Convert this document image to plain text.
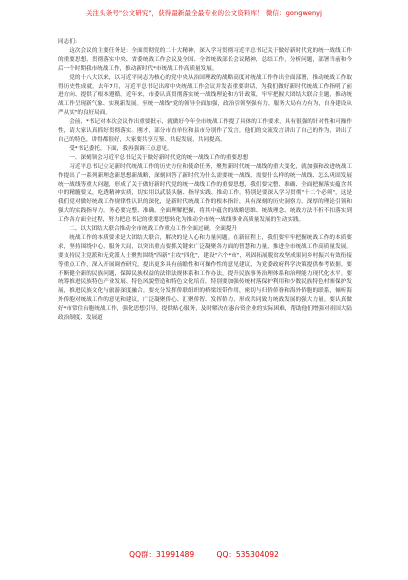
关注头条号"公文研究"，获得最新最全最专业的公文资料库！ 微信：gongwenyj

同志们：

这次会议的主要任务是：全面贯彻党的二十大精神，深入学习贯彻习近平总书记关于做好新时代党的统一战线工作的重要思想，贯彻落实中央、省委统战工作会议及全国、全省统战部长会议精神，总结工作，分析问题，部署当前和今后一个时期我市统战工作，推动新时代*市统战工作高质量发展。

党的十八大以来，以习近平同志为核心的党中央从治国理政的战略高度对统战工作作出全面部署，推动统战工作取得历史性成就。去年7月，习近平总书记出席中央统战工作会议并发表重要讲话，为我们做好新时代统战工作指明了前进方向、提供了根本遵循。近年来，市委认真贯彻落实统一战线理论和方针政策，牢牢把握大团结大联合主题，推动统战工作呈现新气象、实现新发展。至统一战线"党的领导全面加强，政治引领坚强有力，服务大局有力有为，自身建设从严从实"的良好局面。

会前，*书记对本次会议作出重要批示，就做好今年全市统战工作提了具体的工作要求，具有很强的针对性和可操作性，请大家认真抓好贯彻落实。刚才，部分市直单位和县市分别作了发言，他们的交流发言讲出了自己的作为，讲出了自己的特色，讲得都很好，大家要共享互鉴、共促发展，共同提高。

受*书记委托，下面，我再强调三点意见。

一、深刻领会习近平总书记关于做好新时代党的统一战线工作的重要思想

习近平总书记立足新时代统战工作的历史方位和使命任务，聚焦新时代统一战线的重大变化，就加强和改进统战工作提出了一系列新理念新思想新战略，深刻回答了新时代为什么需要统一战线、需要什么样的统一战线、怎么巩固发展统一战线等重大问题，形成了关于做好新时代党的统一战线工作的重要思想，我们要完整、准确、全面把握落实蕴含其中的精髓要义，吃透精神实质，切实用以武装头脑、指导实践、推动工作。特别是要深入学习贯彻"十二个必须"，这是我们党对做好统战工作规律性认识的深化，是新时代统战工作的根本指针，具有深刻的历史洞察力、深厚的理论引领和强大的实践指导力。务必要完整、准确、全面理解把握，将其中蕴含的战略思维、统战理念、统战方法不折不扣落实到工作各方面全过程，努力把总书记的重要思想转化为推动全市统一战线事业高质量发展的生动实践。

二、以大团结大联合推动全市统战工作重点工作全面过硬，全面提升

统战工作的本质要求是大团结大联合，解决的是人心和力量问题。在新征程上，我们要牢牢把握统战工作的本质要求，坚持围绕中心、服务大局，以突出重点要抓关键来广泛凝聚各方面的智慧和力量，推进全市统战工作高质量发展。要支持民主党派和无党派人士聚焦围绕"四新"主攻"四化"，建设"六个*市"，巩固拓展脱贫攻坚成果同乡村振兴有效衔接等重点工作，深入开展调查研究，提出更多具有前瞻性和可操作性的意见建议，为党委政府科学决策提供参考依据。要不断健全新的民族问题，保障民族权益的法律法规体系和工作办法，提升民族事务治理体系和治理能力现代化水平。要统筹推进民族特色产业发展、特色风貌塑造和特色文化培育，特别要加强传统村落保护利用和少数民族特色村寨保护发展，推进民族文化与旅游深度融合。要充分发挥侨联组织的桥梁纽带作用，密切与归侨侨眷和海外侨胞的联系，倾听海外侨胞对统战工作的意见和建议，广泛凝聚侨心、汇聚侨智、发挥侨力，形成共同致力统战发展的强大力量。要认真做好*市常住台胞统战工作，强化思想引导，提供贴心服务，及时解决在惠台资企业的实际困难，帮助他们增强对祖国大陆政治制度、发展道

QQ群：31991489	QQ：535304092
